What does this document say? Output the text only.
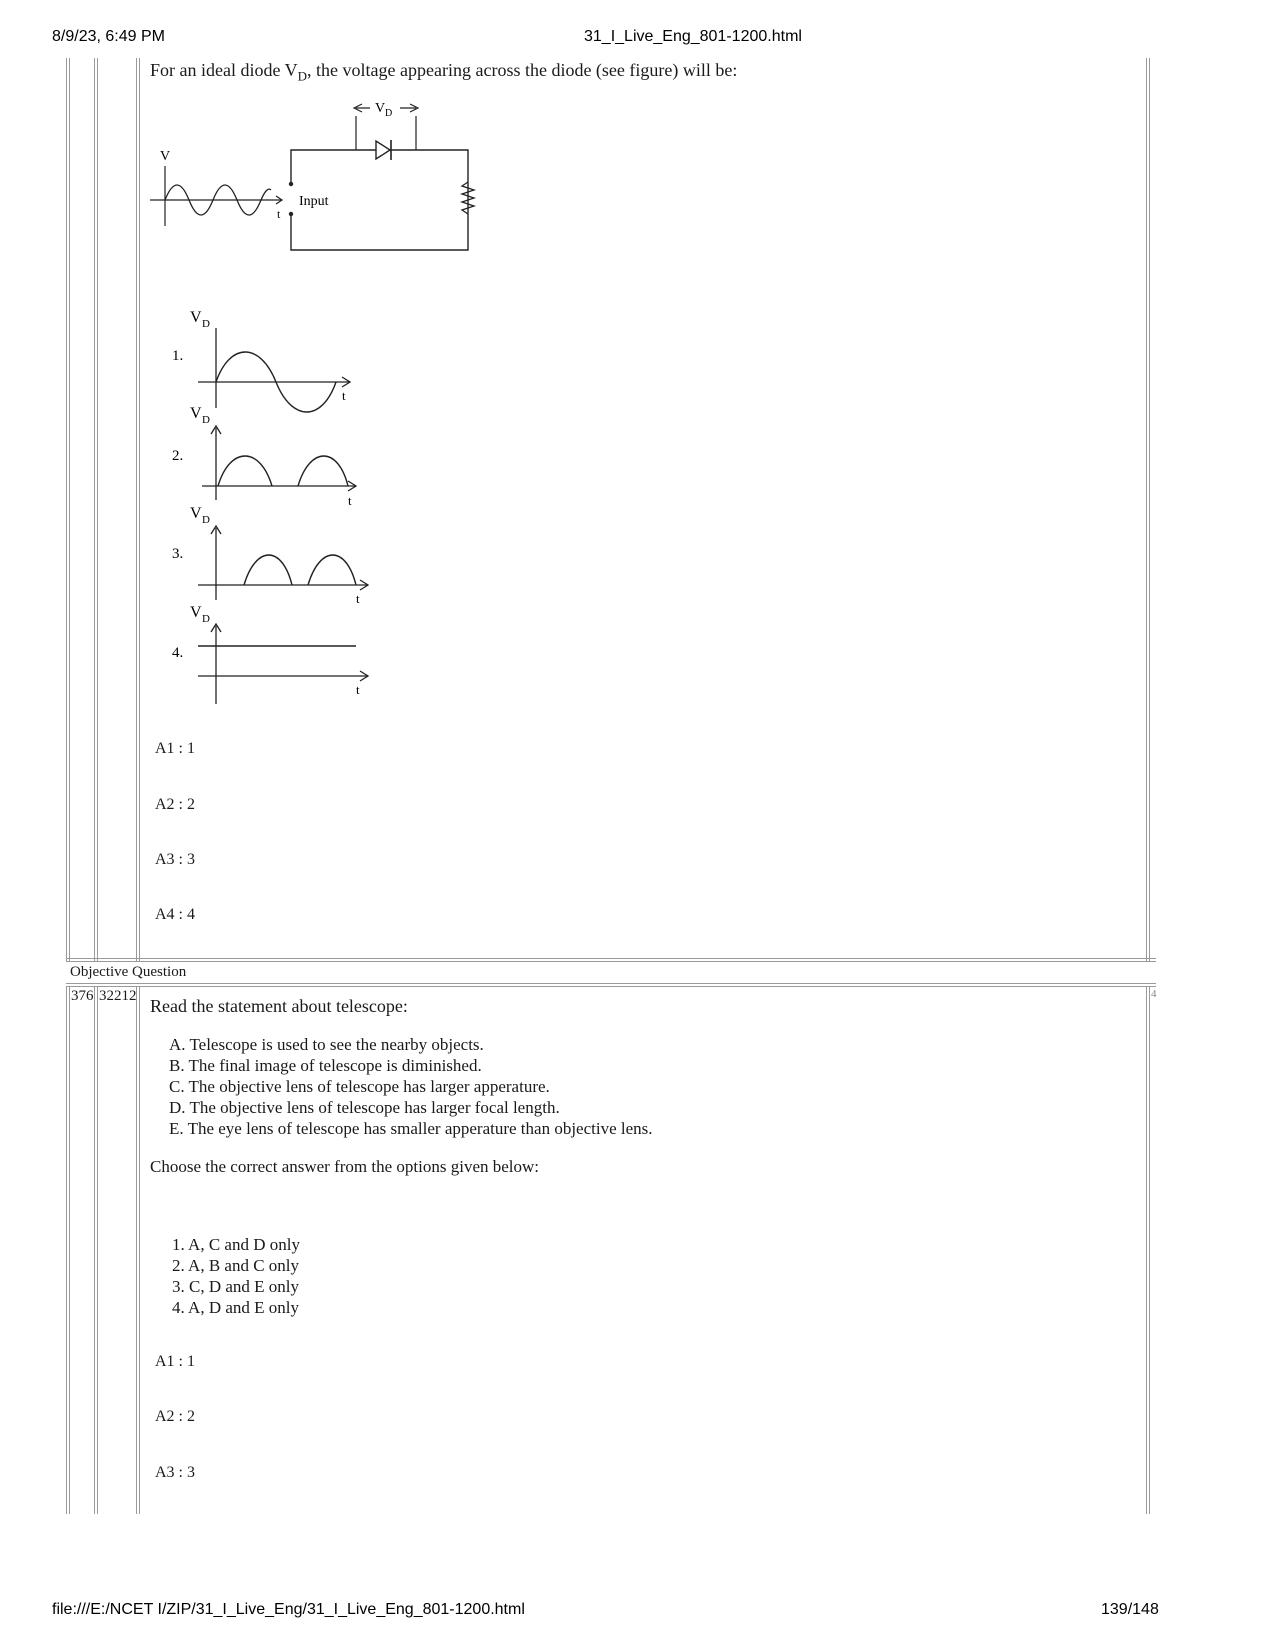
8/9/23, 6:49 PM	31_I_Live_Eng_801-1200.html
For an ideal diode $V_D$, the voltage appearing across the diode (see figure) will be:
V D
Input
V
t
1.
V D
t
2.
V D
t
3.
V D
t
4.
V D
t
A1 : 1
A2 : 2
A3 : 3
A4 : 4
Objective Question
376 32212	4
Read the statement about telescope:
A. Telescope is used to see the nearby objects.
B. The final image of telescope is diminished.
C. The objective lens of telescope has larger apperature.
D. The objective lens of telescope has larger focal length.
E. The eye lens of telescope has smaller apperature than objective lens.
Choose the correct answer from the options given below:
1. A, C and D only
2. A, B and C only
3. C, D and E only
4. A, D and E only
A1 : 1
A2 : 2
A3 : 3
file:///E:/NCET I/ZIP/31_I_Live_Eng/31_I_Live_Eng_801-1200.html	139/148
